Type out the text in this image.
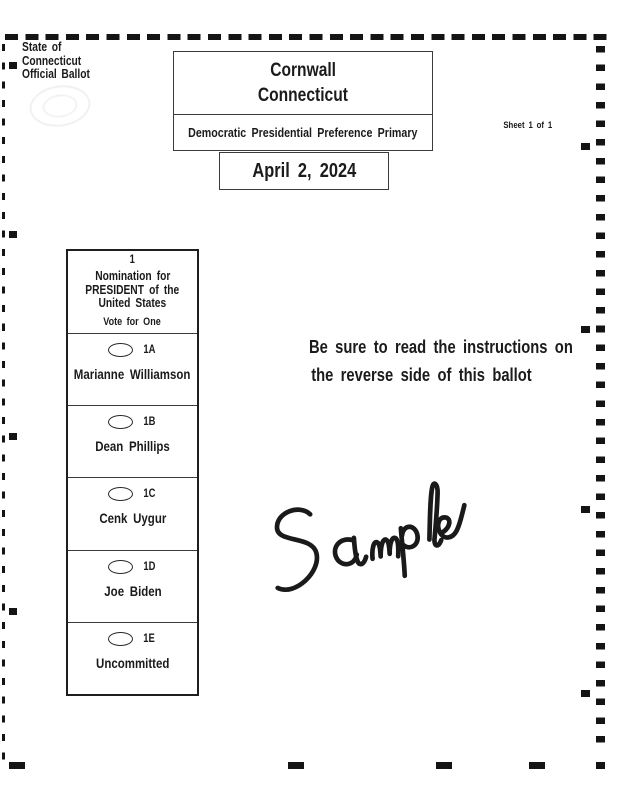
State of
Connecticut
Official Ballot	Cornwall
Connecticut
Democratic Presidential Preference Primary	Sheet 1 of 1
April 2, 2024
1
Nomination for
PRESIDENT of the
United States
Vote for One
1A
Marianne Williamson
1B
Dean Phillips
1C
Cenk Uygur
1D
Joe Biden
1E
Uncommitted
Be sure to read the instructions on
the reverse side of this ballot
